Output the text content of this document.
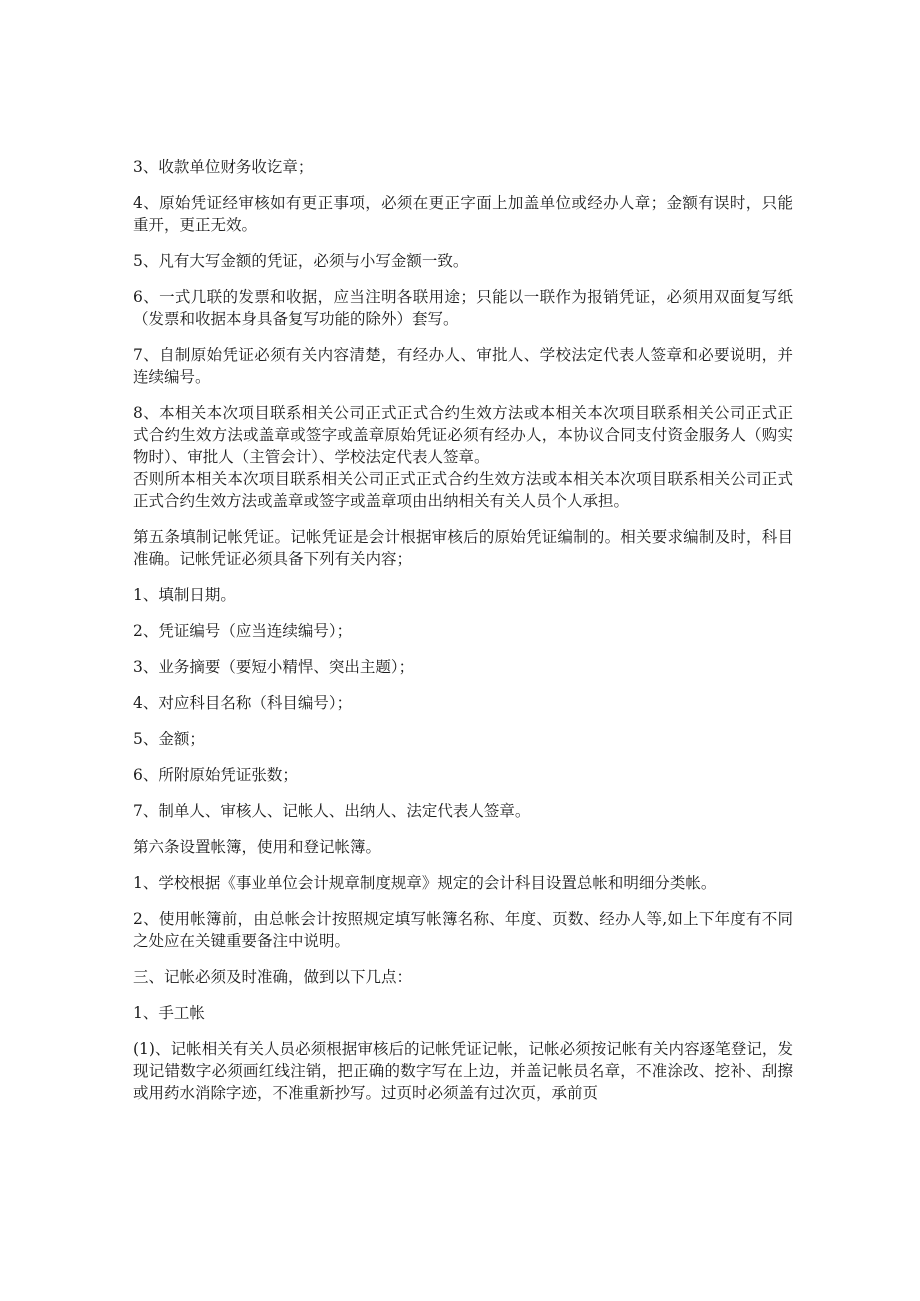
3、收款单位财务收讫章；

4、原始凭证经审核如有更正事项，必须在更正字面上加盖单位或经办人章；金额有误时，只能重开，更正无效。

5、凡有大写金额的凭证，必须与小写金额一致。

6、一式几联的发票和收据，应当注明各联用途；只能以一联作为报销凭证，必须用双面复写纸（发票和收据本身具备复写功能的除外）套写。

7、自制原始凭证必须有关内容清楚，有经办人、审批人、学校法定代表人签章和必要说明，并连续编号。

8、本相关本次项目联系相关公司正式正式合约生效方法或本相关本次项目联系相关公司正式正式合约生效方法或盖章或签字或盖章原始凭证必须有经办人，本协议合同支付资金服务人（购实物时）、审批人（主管会计）、学校法定代表人签章。

否则所本相关本次项目联系相关公司正式正式合约生效方法或本相关本次项目联系相关公司正式正式合约生效方法或盖章或签字或盖章项由出纳相关有关人员个人承担。

第五条填制记帐凭证。记帐凭证是会计根据审核后的原始凭证编制的。相关要求编制及时，科目准确。记帐凭证必须具备下列有关内容；

1、填制日期。

2、凭证编号（应当连续编号）；

3、业务摘要（要短小精悍、突出主题）；

4、对应科目名称（科目编号）；

5、金额；

6、所附原始凭证张数；

7、制单人、审核人、记帐人、出纳人、法定代表人签章。

第六条设置帐簿，使用和登记帐簿。

1、学校根据《事业单位会计规章制度规章》规定的会计科目设置总帐和明细分类帐。

2、使用帐簿前，由总帐会计按照规定填写帐簿名称、年度、页数、经办人等,如上下年度有不同之处应在关键重要备注中说明。

三、记帐必须及时准确，做到以下几点：

1、手工帐

(1)、记帐相关有关人员必须根据审核后的记帐凭证记帐，记帐必须按记帐有关内容逐笔登记，发现记错数字必须画红线注销，把正确的数字写在上边，并盖记帐员名章，不准涂改、挖补、刮擦或用药水消除字迹，不准重新抄写。过页时必须盖有过次页，承前页
